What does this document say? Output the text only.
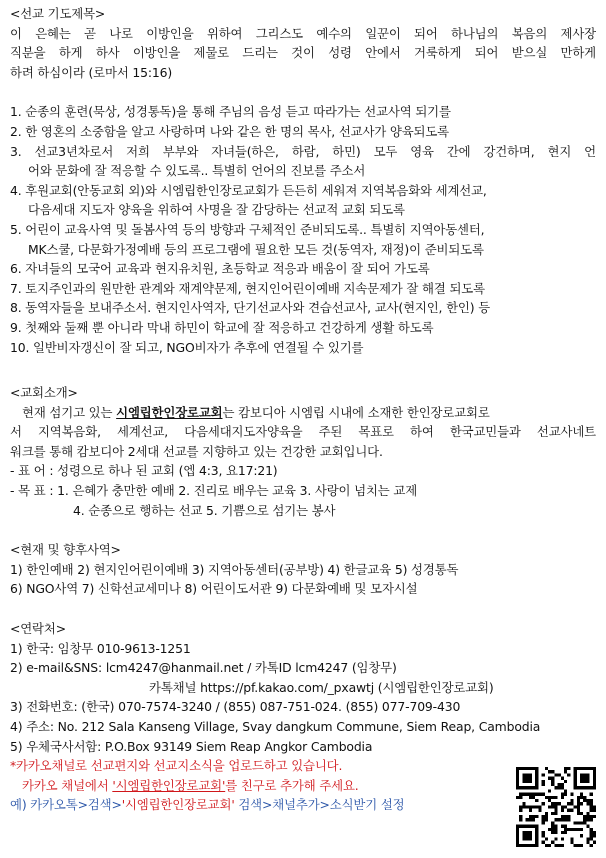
<선교 기도제목>
이 은혜는 곧 나로 이방인을 위하여 그리스도 예수의 일꾼이 되어 하나님의 복음의 제사장
직분을 하게 하사 이방인을 제물로 드리는 것이 성령 안에서 거룩하게 되어 받으실 만하게
하려 하심이라 (로마서 15:16)
1. 순종의 훈련(묵상, 성경통독)을 통해 주님의 음성 듣고 따라가는 선교사역 되기를
2. 한 영혼의 소중함을 알고 사랑하며 나와 같은 한 명의 목사, 선교사가 양육되도록
3. 선교3년차로서 저희 부부와 자녀들(하은, 하람, 하민) 모두 영육 간에 강건하며, 현지 언
어와 문화에 잘 적응할 수 있도록.. 특별히 언어의 진보를 주소서
4. 후원교회(안동교회 외)와 시엠립한인장로교회가 든든히 세워져 지역복음화와 세계선교,
다음세대 지도자 양육을 위하여 사명을 잘 감당하는 선교적 교회 되도록
5. 어린이 교육사역 및 돌봄사역 등의 방향과 구체적인 준비되도록.. 특별히 지역아동센터,
MK스쿨, 다문화가정예배 등의 프로그램에 필요한 모든 것(동역자, 재정)이 준비되도록
6. 자녀들의 모국어 교육과 현지유치원, 초등학교 적응과 배움이 잘 되어 가도록
7. 토지주인과의 원만한 관계와 재계약문제, 현지인어린이예배 지속문제가 잘 해결 되도록
8. 동역자들을 보내주소서. 현지인사역자, 단기선교사와 견습선교사, 교사(현지인, 한인) 등
9. 첫째와 둘째 뿐 아니라 막내 하민이 학교에 잘 적응하고 건강하게 생활 하도록
10. 일반비자갱신이 잘 되고, NGO비자가 추후에 연결될 수 있기를
<교회소개>
현재 섬기고 있는 시엠립한인장로교회는 캄보디아 시엠립 시내에 소재한 한인장로교회로
서 지역복음화, 세계선교, 다음세대지도자양육을 주된 목표로 하여 한국교민들과 선교사네트
워크를 통해 캄보디아 2세대 선교를 지향하고 있는 건강한 교회입니다.
- 표 어 : 성령으로 하나 된 교회 (엡 4:3, 요17:21)
- 목 표 : 1. 은혜가 충만한 예배 2. 진리로 배우는 교육 3. 사랑이 넘치는 교제
4. 순종으로 행하는 선교 5. 기쁨으로 섬기는 봉사
<현재 및 향후사역>
1) 한인예배 2) 현지인어린이예배 3) 지역아동센터(공부방) 4) 한글교육 5) 성경통독
6) NGO사역 7) 신학선교세미나 8) 어린이도서관 9) 다문화예배 및 모자시설
<연락처>
1) 한국: 임창무 010-9613-1251
2) e-mail&SNS: lcm4247@hanmail.net / 카톡ID lcm4247 (임창무)
카톡채널 https://pf.kakao.com/_pxawtj (시엠립한인장로교회)
3) 전화번호: (한국) 070-7574-3240 / (855) 087-751-024. (855) 077-709-430
4) 주소: No. 212 Sala Kanseng Village, Svay dangkum Commune, Siem Reap, Cambodia
5) 우체국사서함: P.O.Box 93149 Siem Reap Angkor Cambodia
*카카오채널로 선교편지와 선교지소식을 업로드하고 있습니다.
카카오 채널에서 '시엠립한인장로교회'를 친구로 추가해 주세요.
예) 카카오톡>검색>'시엠립한인장로교회' 검색>채널추가>소식받기 설정
